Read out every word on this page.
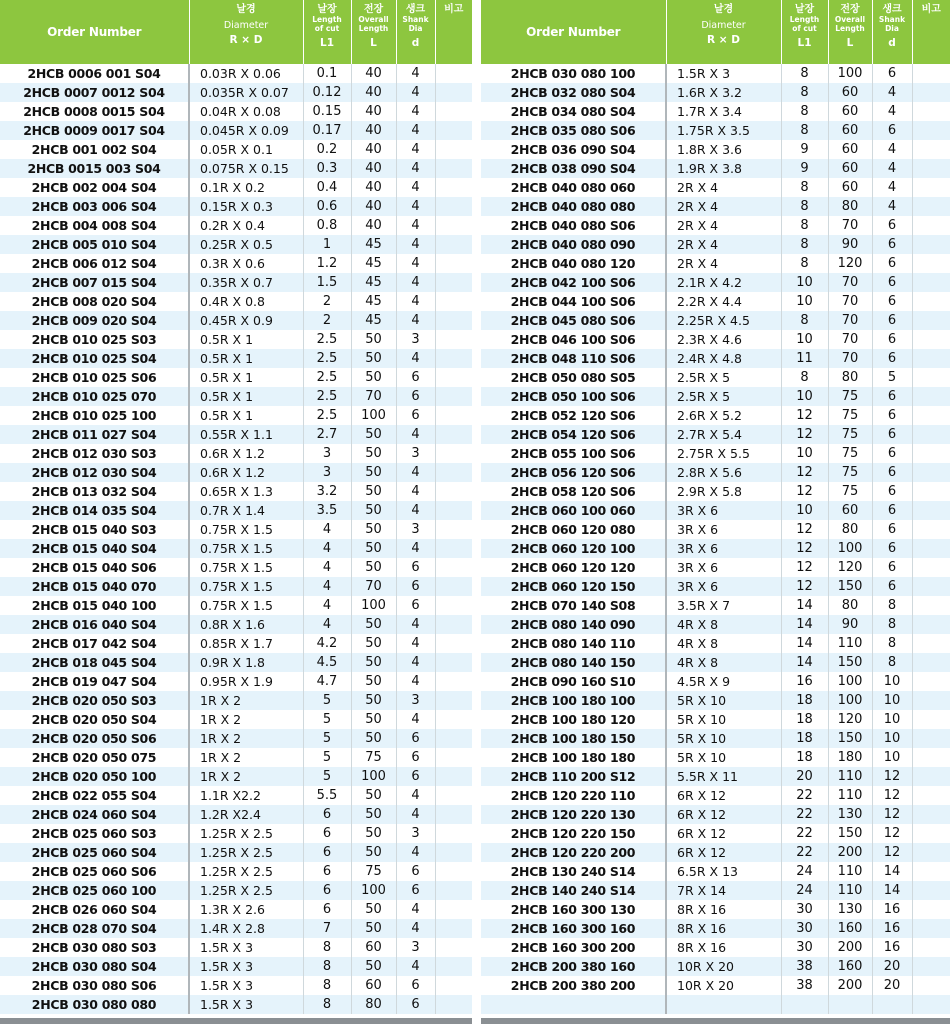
Order Number	날경
Diameter
R × D	날장
Length
of cut
L1	전장
Overall
Length
L	생크
Shank
Dia
d	비고

2HCB 0006 001 S04	0.03R X 0.06	0.1	40	4	
2HCB 0007 0012 S04	0.035R X 0.07	0.12	40	4	
2HCB 0008 0015 S04	0.04R X 0.08	0.15	40	4	
2HCB 0009 0017 S04	0.045R X 0.09	0.17	40	4	
2HCB 001 002 S04	0.05R X 0.1	0.2	40	4	
2HCB 0015 003 S04	0.075R X 0.15	0.3	40	4	
2HCB 002 004 S04	0.1R X 0.2	0.4	40	4	
2HCB 003 006 S04	0.15R X 0.3	0.6	40	4	
2HCB 004 008 S04	0.2R X 0.4	0.8	40	4	
2HCB 005 010 S04	0.25R X 0.5	1	45	4	
2HCB 006 012 S04	0.3R X 0.6	1.2	45	4	
2HCB 007 015 S04	0.35R X 0.7	1.5	45	4	
2HCB 008 020 S04	0.4R X 0.8	2	45	4	
2HCB 009 020 S04	0.45R X 0.9	2	45	4	
2HCB 010 025 S03	0.5R X 1	2.5	50	3	
2HCB 010 025 S04	0.5R X 1	2.5	50	4	
2HCB 010 025 S06	0.5R X 1	2.5	50	6	
2HCB 010 025 070	0.5R X 1	2.5	70	6	
2HCB 010 025 100	0.5R X 1	2.5	100	6	
2HCB 011 027 S04	0.55R X 1.1	2.7	50	4	
2HCB 012 030 S03	0.6R X 1.2	3	50	3	
2HCB 012 030 S04	0.6R X 1.2	3	50	4	
2HCB 013 032 S04	0.65R X 1.3	3.2	50	4	
2HCB 014 035 S04	0.7R X 1.4	3.5	50	4	
2HCB 015 040 S03	0.75R X 1.5	4	50	3	
2HCB 015 040 S04	0.75R X 1.5	4	50	4	
2HCB 015 040 S06	0.75R X 1.5	4	50	6	
2HCB 015 040 070	0.75R X 1.5	4	70	6	
2HCB 015 040 100	0.75R X 1.5	4	100	6	
2HCB 016 040 S04	0.8R X 1.6	4	50	4	
2HCB 017 042 S04	0.85R X 1.7	4.2	50	4	
2HCB 018 045 S04	0.9R X 1.8	4.5	50	4	
2HCB 019 047 S04	0.95R X 1.9	4.7	50	4	
2HCB 020 050 S03	1R X 2	5	50	3	
2HCB 020 050 S04	1R X 2	5	50	4	
2HCB 020 050 S06	1R X 2	5	50	6	
2HCB 020 050 075	1R X 2	5	75	6	
2HCB 020 050 100	1R X 2	5	100	6	
2HCB 022 055 S04	1.1R X2.2	5.5	50	4	
2HCB 024 060 S04	1.2R X2.4	6	50	4	
2HCB 025 060 S03	1.25R X 2.5	6	50	3	
2HCB 025 060 S04	1.25R X 2.5	6	50	4	
2HCB 025 060 S06	1.25R X 2.5	6	75	6	
2HCB 025 060 100	1.25R X 2.5	6	100	6	
2HCB 026 060 S04	1.3R X 2.6	6	50	4	
2HCB 028 070 S04	1.4R X 2.8	7	50	4	
2HCB 030 080 S03	1.5R X 3	8	60	3	
2HCB 030 080 S04	1.5R X 3	8	50	4	
2HCB 030 080 S06	1.5R X 3	8	60	6	
2HCB 030 080 080	1.5R X 3	8	80	6	
Order Number	날경
Diameter
R × D	날장
Length
of cut
L1	전장
Overall
Length
L	생크
Shank
Dia
d	비고

2HCB 030 080 100	1.5R X 3	8	100	6	
2HCB 032 080 S04	1.6R X 3.2	8	60	4	
2HCB 034 080 S04	1.7R X 3.4	8	60	4	
2HCB 035 080 S06	1.75R X 3.5	8	60	6	
2HCB 036 090 S04	1.8R X 3.6	9	60	4	
2HCB 038 090 S04	1.9R X 3.8	9	60	4	
2HCB 040 080 060	2R X 4	8	60	4	
2HCB 040 080 080	2R X 4	8	80	4	
2HCB 040 080 S06	2R X 4	8	70	6	
2HCB 040 080 090	2R X 4	8	90	6	
2HCB 040 080 120	2R X 4	8	120	6	
2HCB 042 100 S06	2.1R X 4.2	10	70	6	
2HCB 044 100 S06	2.2R X 4.4	10	70	6	
2HCB 045 080 S06	2.25R X 4.5	8	70	6	
2HCB 046 100 S06	2.3R X 4.6	10	70	6	
2HCB 048 110 S06	2.4R X 4.8	11	70	6	
2HCB 050 080 S05	2.5R X 5	8	80	5	
2HCB 050 100 S06	2.5R X 5	10	75	6	
2HCB 052 120 S06	2.6R X 5.2	12	75	6	
2HCB 054 120 S06	2.7R X 5.4	12	75	6	
2HCB 055 100 S06	2.75R X 5.5	10	75	6	
2HCB 056 120 S06	2.8R X 5.6	12	75	6	
2HCB 058 120 S06	2.9R X 5.8	12	75	6	
2HCB 060 100 060	3R X 6	10	60	6	
2HCB 060 120 080	3R X 6	12	80	6	
2HCB 060 120 100	3R X 6	12	100	6	
2HCB 060 120 120	3R X 6	12	120	6	
2HCB 060 120 150	3R X 6	12	150	6	
2HCB 070 140 S08	3.5R X 7	14	80	8	
2HCB 080 140 090	4R X 8	14	90	8	
2HCB 080 140 110	4R X 8	14	110	8	
2HCB 080 140 150	4R X 8	14	150	8	
2HCB 090 160 S10	4.5R X 9	16	100	10	
2HCB 100 180 100	5R X 10	18	100	10	
2HCB 100 180 120	5R X 10	18	120	10	
2HCB 100 180 150	5R X 10	18	150	10	
2HCB 100 180 180	5R X 10	18	180	10	
2HCB 110 200 S12	5.5R X 11	20	110	12	
2HCB 120 220 110	6R X 12	22	110	12	
2HCB 120 220 130	6R X 12	22	130	12	
2HCB 120 220 150	6R X 12	22	150	12	
2HCB 120 220 200	6R X 12	22	200	12	
2HCB 130 240 S14	6.5R X 13	24	110	14	
2HCB 140 240 S14	7R X 14	24	110	14	
2HCB 160 300 130	8R X 16	30	130	16	
2HCB 160 300 160	8R X 16	30	160	16	
2HCB 160 300 200	8R X 16	30	200	16	
2HCB 200 380 160	10R X 20	38	160	20	
2HCB 200 380 200	10R X 20	38	200	20	
